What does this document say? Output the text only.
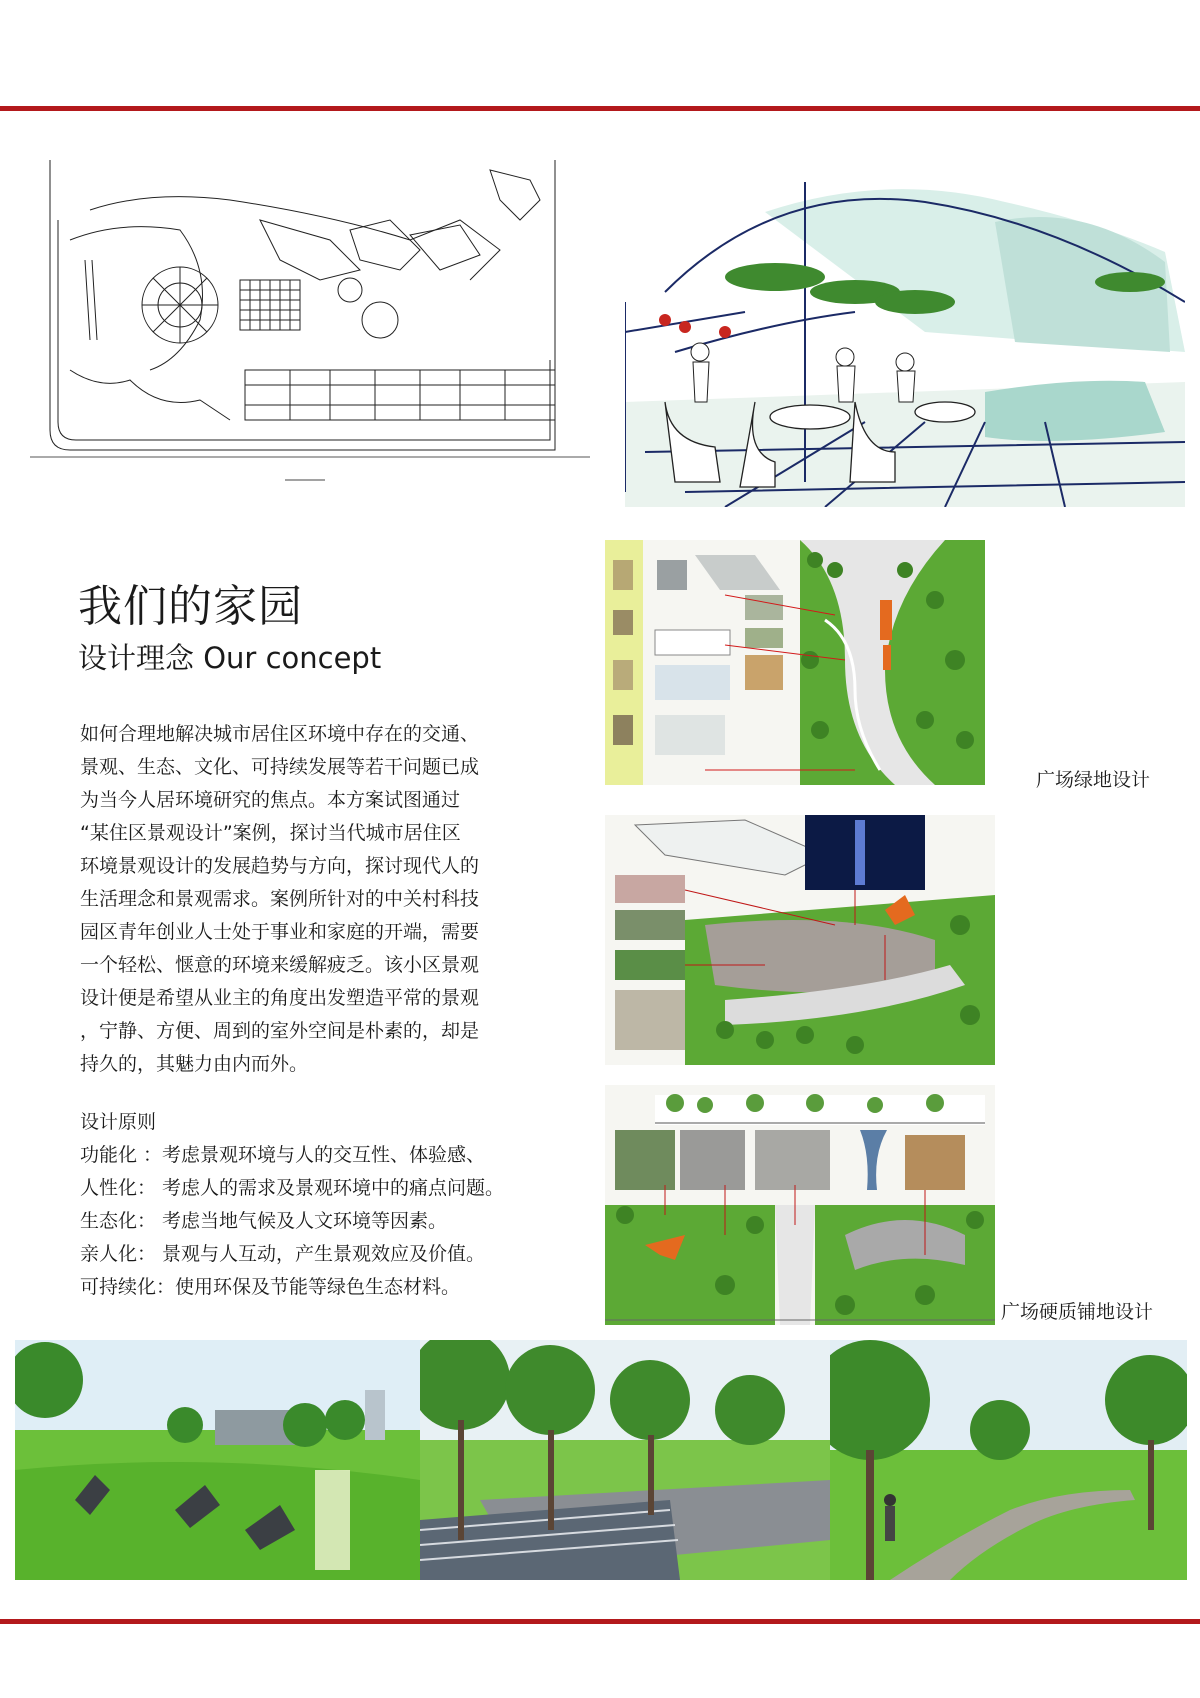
广场绿地设计
广场硬质铺地设计
我们的家园
设计理念 Our concept

如何合理地解决城市居住区环境中存在的交通、
景观、生态、文化、可持续发展等若干问题已成
为当今人居环境研究的焦点。本方案试图通过
“某住区景观设计”案例，探讨当代城市居住区
环境景观设计的发展趋势与方向，探讨现代人的
生活理念和景观需求。案例所针对的中关村科技
园区青年创业人士处于事业和家庭的开端，需要
一个轻松、惬意的环境来缓解疲乏。该小区景观
设计便是希望从业主的角度出发塑造平常的景观
，宁静、方便、周到的室外空间是朴素的，却是
持久的，其魅力由内而外。

设计原则
功能化 ：考虑景观环境与人的交互性、体验感、
人性化： 考虑人的需求及景观环境中的痛点问题。
生态化： 考虑当地气候及人文环境等因素。
亲人化： 景观与人互动，产生景观效应及价值。
可持续化：使用环保及节能等绿色生态材料。
